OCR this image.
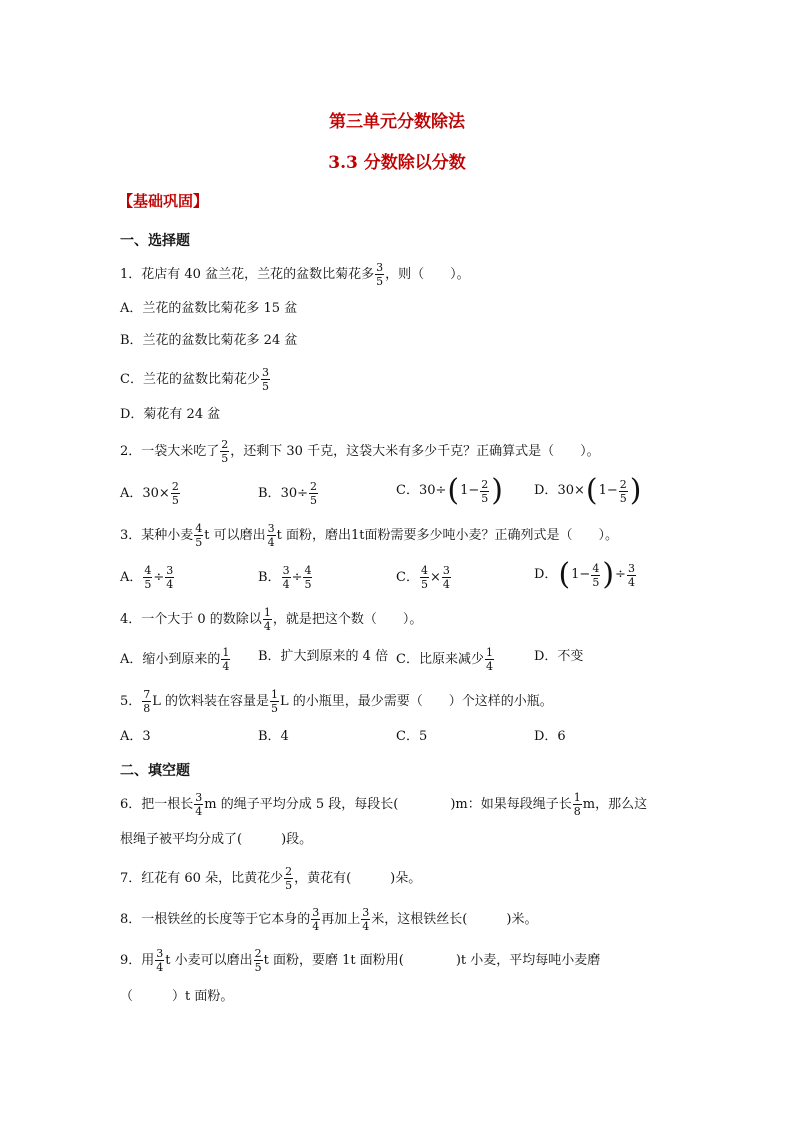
第三单元分数除法
3.3 分数除以分数
【基础巩固】
一、选择题
1．花店有 40 盆兰花，兰花的盆数比菊花多 $\frac{3}{5}$ ，则（　　）。
A．兰花的盆数比菊花多 15 盆
B．兰花的盆数比菊花多 24 盆
C．兰花的盆数比菊花少 $\frac{3}{5}$
D．菊花有 24 盆
2．一袋大米吃了 $\frac{2}{5}$ ，还剩下 30 千克，这袋大米有多少千克？正确算式是（　　）。
A． $30\times \frac{2}{5}$	B． $30\div \frac{2}{5}$	C． 30÷ ( $1- \frac{2}{5}$ ) D． 30× ( $1- \frac{2}{5}$ )
3．某种小麦 $\frac{4}{5}$ t 可以磨出 $\frac{3}{4}$ t 面粉，磨出1t面粉需要多少吨小麦？正确列式是（　　）。
A． $\frac{4}{5} \div \frac{3}{4}$	B． $\frac{3}{4} \div \frac{4}{5}$	C． $\frac{4}{5} \times \frac{3}{4}$	D． ( $1- \frac{4}{5}$ ) ÷ $\frac{3}{4}$
4．一个大于 0 的数除以 $\frac{1}{4}$ ，就是把这个数（　　）。
A．缩小到原来的 $\frac{1}{4}$ B．扩大到原来的 4 倍 C．比原来减少 $\frac{1}{4}$	D．不变
5． $\frac{7}{8}$ L 的饮料装在容量是 $\frac{1}{5}$ L 的小瓶里，最少需要（　　）个这样的小瓶。
A．3	B．4	C．5	D．6
二、填空题
6．把一根长 $\frac{3}{4}$ m 的绳子平均分成 5 段，每段长(　　　　)m：如果每段绳子长 $\frac{1}{8}$ m，那么这
根绳子被平均分成了(　　　)段。
7．红花有 60 朵，比黄花少 $\frac{2}{5}$ ，黄花有(　　　)朵。
8．一根铁丝的长度等于它本身的 $\frac{3}{4}$ 再加上 $\frac{3}{4}$ 米，这根铁丝长(　　　)米。
9．用 $\frac{3}{4}$ t 小麦可以磨出 $\frac{2}{5}$ t 面粉，要磨 1t 面粉用(　　　　)t 小麦，平均每吨小麦磨
（　　　）t 面粉。
